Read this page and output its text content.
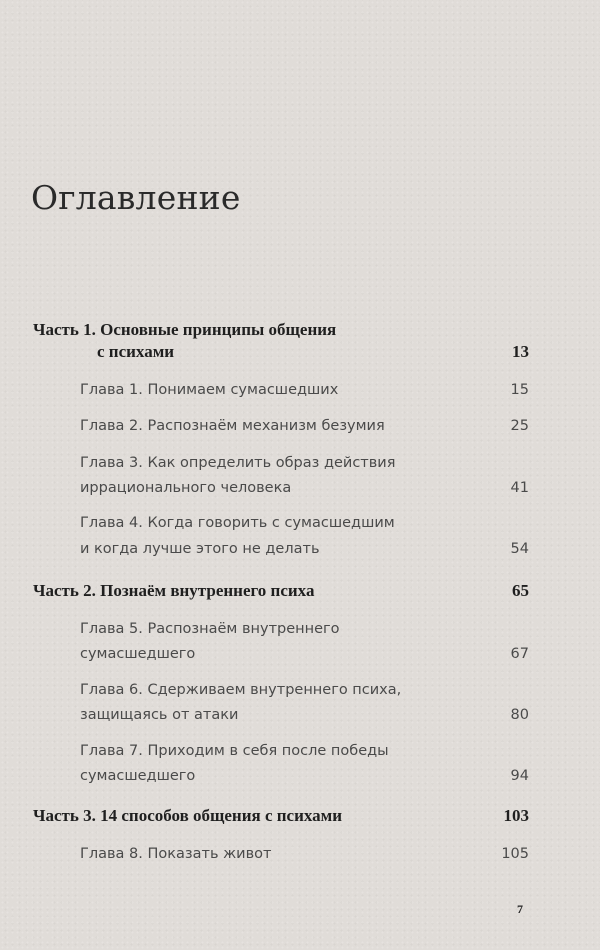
Оглавление
Часть 1. Основные принципы общения
с психами	13
Глава 1. Понимаем сумасшедших	15
Глава 2. Распознаём механизм безумия	25
Глава 3. Как определить образ действия
иррационального человека	41
Глава 4. Когда говорить с сумасшедшим
и когда лучше этого не делать	54
Часть 2. Познаём внутреннего психа	65
Глава 5. Распознаём внутреннего
сумасшедшего	67
Глава 6. Сдерживаем внутреннего психа,
защищаясь от атаки	80
Глава 7. Приходим в себя после победы
сумасшедшего	94
Часть 3. 14 способов общения с психами	103
Глава 8. Показать живот	105
7
